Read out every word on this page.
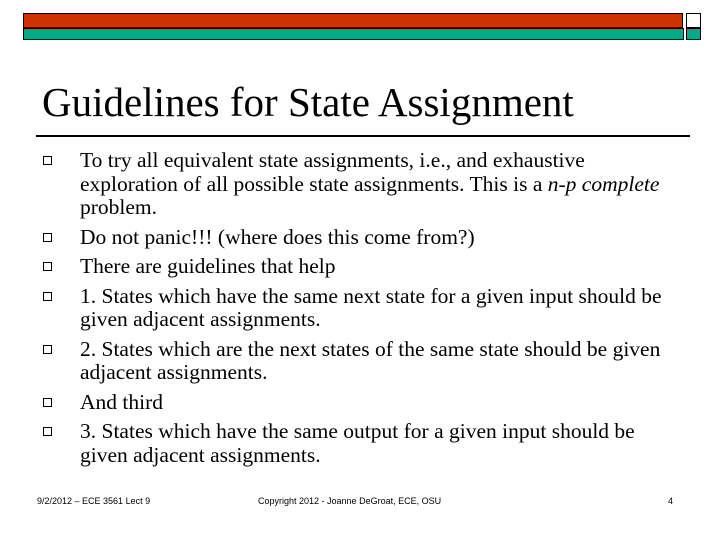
Guidelines for State Assignment
To try all equivalent state assignments, i.e., and exhaustive exploration of all possible state assignments. This is a n-p complete problem.
Do not panic!!! (where does this come from?)
There are guidelines that help
1. States which have the same next state for a given input should be given adjacent assignments.
2. States which are the next states of the same state should be given adjacent assignments.
And third
3. States which have the same output for a given input should be given adjacent assignments.
9/2/2012 – ECE 3561 Lect 9	Copyright 2012 - Joanne DeGroat, ECE, OSU	4
